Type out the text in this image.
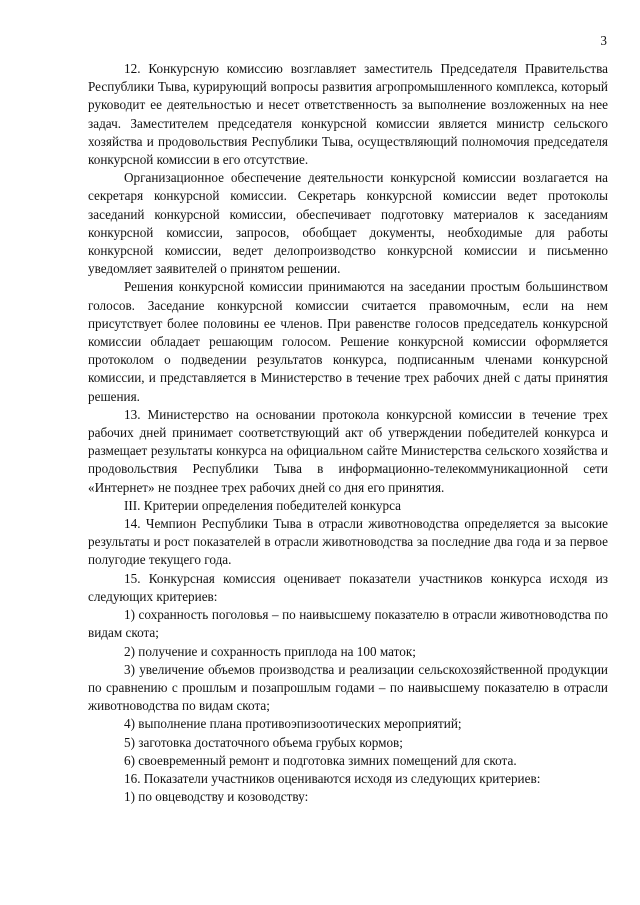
3

12. Конкурсную комиссию возглавляет заместитель Председателя Правительства Республики Тыва, курирующий вопросы развития агропромышленного комплекса, который руководит ее деятельностью и несет ответственность за выполнение возложенных на нее задач. Заместителем председателя конкурсной комиссии является министр сельского хозяйства и продовольствия Республики Тыва, осуществляющий полномочия председателя конкурсной комиссии в его отсутствие.

Организационное обеспечение деятельности конкурсной комиссии возлагается на секретаря конкурсной комиссии. Секретарь конкурсной комиссии ведет протоколы заседаний конкурсной комиссии, обеспечивает подготовку материалов к заседаниям конкурсной комиссии, запросов, обобщает документы, необходимые для работы конкурсной комиссии, ведет делопроизводство конкурсной комиссии и письменно уведомляет заявителей о принятом решении.

Решения конкурсной комиссии принимаются на заседании простым большинством голосов. Заседание конкурсной комиссии считается правомочным, если на нем присутствует более половины ее членов. При равенстве голосов председатель конкурсной комиссии обладает решающим голосом. Решение конкурсной комиссии оформляется протоколом о подведении результатов конкурса, подписанным членами конкурсной комиссии, и представляется в Министерство в течение трех рабочих дней с даты принятия решения.

13. Министерство на основании протокола конкурсной комиссии в течение трех рабочих дней принимает соответствующий акт об утверждении победителей конкурса и размещает результаты конкурса на официальном сайте Министерства сельского хозяйства и продовольствия Республики Тыва в информационно-телекоммуникационной сети «Интернет» не позднее трех рабочих дней со дня его принятия.

III. Критерии определения победителей конкурса

14. Чемпион Республики Тыва в отрасли животноводства определяется за высокие результаты и рост показателей в отрасли животноводства за последние два года и за первое полугодие текущего года.

15. Конкурсная комиссия оценивает показатели участников конкурса исходя из следующих критериев:

1) сохранность поголовья – по наивысшему показателю в отрасли животноводства по видам скота;

2) получение и сохранность приплода на 100 маток;

3) увеличение объемов производства и реализации сельскохозяйственной продукции по сравнению с прошлым и позапрошлым годами – по наивысшему показателю в отрасли животноводства по видам скота;

4) выполнение плана противоэпизоотических мероприятий;

5) заготовка достаточного объема грубых кормов;

6) своевременный ремонт и подготовка зимних помещений для скота.

16. Показатели участников оцениваются исходя из следующих критериев:

1) по овцеводству и козоводству:
